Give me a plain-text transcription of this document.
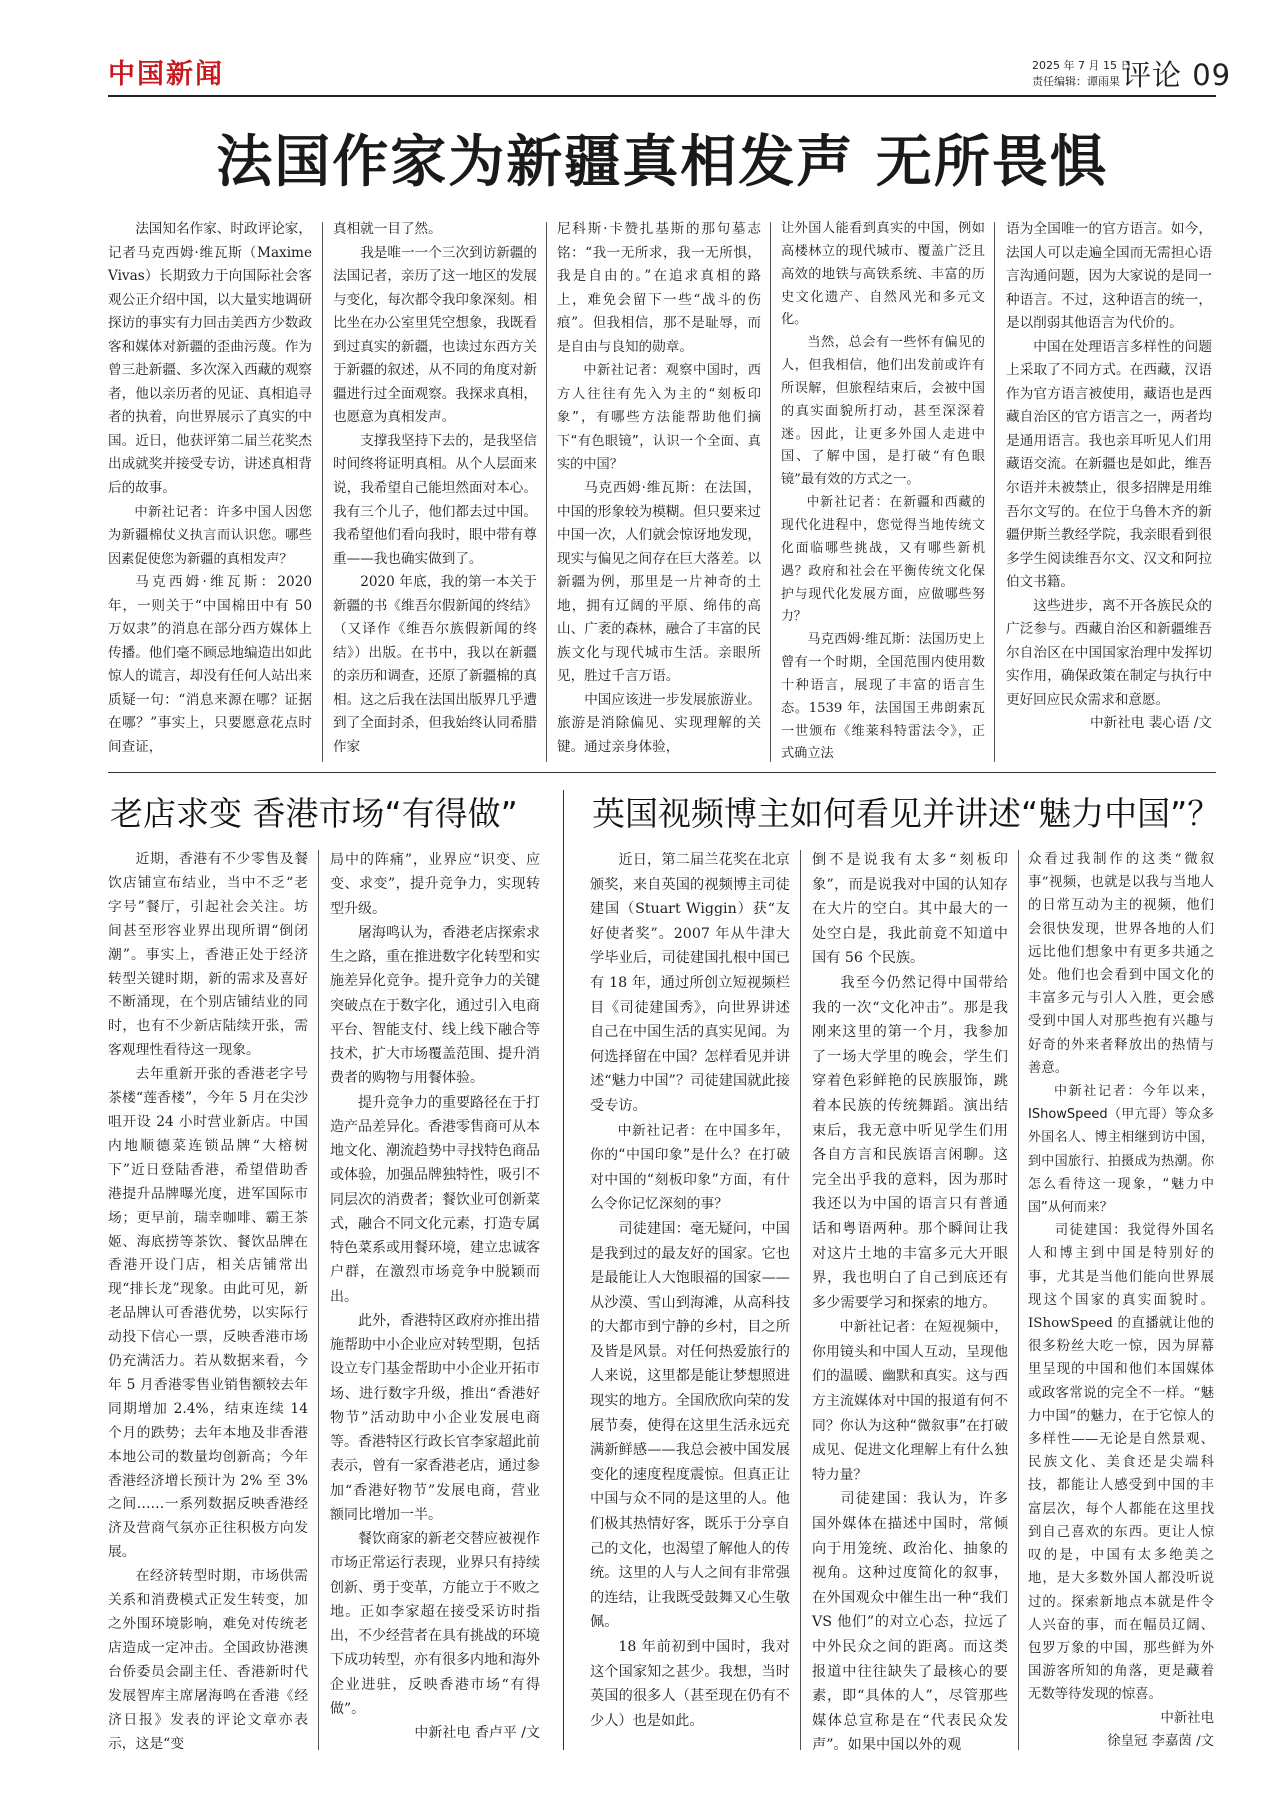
中国新闻	2025 年 7 月 15 日
责任编辑：谭雨果 评论 09
法国作家为新疆真相发声 无所畏惧

法国知名作家、时政评论家，记者马克西姆·维瓦斯（Maxime Vivas）长期致力于向国际社会客观公正介绍中国，以大量实地调研探访的事实有力回击美西方少数政客和媒体对新疆的歪曲污蔑。作为曾三赴新疆、多次深入西藏的观察者，他以亲历者的见证、真相追寻者的执着，向世界展示了真实的中国。近日，他获评第二届兰花奖杰出成就奖并接受专访，讲述真相背后的故事。

中新社记者：许多中国人因您为新疆棉仗义执言而认识您。哪些因素促使您为新疆的真相发声？

马克西姆·维瓦斯：2020 年，一则关于“中国棉田中有 50 万奴隶”的消息在部分西方媒体上传播。他们毫不顾忌地编造出如此惊人的谎言，却没有任何人站出来质疑一句：“消息来源在哪？证据在哪？”事实上，只要愿意花点时间查证，

真相就一目了然。

我是唯一一个三次到访新疆的法国记者，亲历了这一地区的发展与变化，每次都令我印象深刻。相比坐在办公室里凭空想象，我既看到过真实的新疆，也读过东西方关于新疆的叙述，从不同的角度对新疆进行过全面观察。我探求真相，也愿意为真相发声。

支撑我坚持下去的，是我坚信时间终将证明真相。从个人层面来说，我希望自己能坦然面对本心。我有三个儿子，他们都去过中国。我希望他们看向我时，眼中带有尊重——我也确实做到了。

2020 年底，我的第一本关于新疆的书《维吾尔假新闻的终结》（又译作《维吾尔族假新闻的终结》）出版。在书中，我以在新疆的亲历和调查，还原了新疆棉的真相。这之后我在法国出版界几乎遭到了全面封杀，但我始终认同希腊作家

尼科斯·卡赞扎基斯的那句墓志铭：“我一无所求，我一无所惧，我是自由的。”在追求真相的路上，难免会留下一些“战斗的伤痕”。但我相信，那不是耻辱，而是自由与良知的勋章。

中新社记者：观察中国时，西方人往往有先入为主的“刻板印象”，有哪些方法能帮助他们摘下“有色眼镜”，认识一个全面、真实的中国？

马克西姆·维瓦斯：在法国，中国的形象较为模糊。但只要来过中国一次，人们就会惊讶地发现，现实与偏见之间存在巨大落差。以新疆为例，那里是一片神奇的土地，拥有辽阔的平原、绵伟的高山、广袤的森林，融合了丰富的民族文化与现代城市生活。亲眼所见，胜过千言万语。

中国应该进一步发展旅游业。旅游是消除偏见、实现理解的关键。通过亲身体验，

让外国人能看到真实的中国，例如高楼林立的现代城市、覆盖广泛且高效的地铁与高铁系统、丰富的历史文化遗产、自然风光和多元文化。

当然，总会有一些怀有偏见的人，但我相信，他们出发前或许有所误解，但旅程结束后，会被中国的真实面貌所打动，甚至深深着迷。因此，让更多外国人走进中国、了解中国，是打破“有色眼镜”最有效的方式之一。

中新社记者：在新疆和西藏的现代化进程中，您觉得当地传统文化面临哪些挑战，又有哪些新机遇？政府和社会在平衡传统文化保护与现代化发展方面，应做哪些努力？

马克西姆·维瓦斯：法国历史上曾有一个时期，全国范围内使用数十种语言，展现了丰富的语言生态。1539 年，法国国王弗朗索瓦一世颁布《维莱科特雷法令》，正式确立法

语为全国唯一的官方语言。如今，法国人可以走遍全国而无需担心语言沟通问题，因为大家说的是同一种语言。不过，这种语言的统一，是以削弱其他语言为代价的。

中国在处理语言多样性的问题上采取了不同方式。在西藏，汉语作为官方语言被使用，藏语也是西藏自治区的官方语言之一，两者均是通用语言。我也亲耳听见人们用藏语交流。在新疆也是如此，维吾尔语并未被禁止，很多招牌是用维吾尔文写的。在位于乌鲁木齐的新疆伊斯兰教经学院，我亲眼看到很多学生阅读维吾尔文、汉文和阿拉伯文书籍。

这些进步，离不开各族民众的广泛参与。西藏自治区和新疆维吾尔自治区在中国国家治理中发挥切实作用，确保政策在制定与执行中更好回应民众需求和意愿。

中新社电 裴心语 /文

老店求变 香港市场“有得做”

近期，香港有不少零售及餐饮店铺宣布结业，当中不乏“老字号”餐厅，引起社会关注。坊间甚至形容业界出现所谓“倒闭潮”。事实上，香港正处于经济转型关键时期，新的需求及喜好不断涌现，在个别店铺结业的同时，也有不少新店陆续开张，需客观理性看待这一现象。

去年重新开张的香港老字号茶楼“莲香楼”，今年 5 月在尖沙咀开设 24 小时营业新店。中国内地顺德菜连锁品牌“大榕树下”近日登陆香港，希望借助香港提升品牌曝光度，进军国际市场；更早前，瑞幸咖啡、霸王茶姬、海底捞等茶饮、餐饮品牌在香港开设门店，相关店铺常出现“排长龙”现象。由此可见，新老品牌认可香港优势，以实际行动投下信心一票，反映香港市场仍充满活力。若从数据来看，今年 5 月香港零售业销售额较去年同期增加 2.4%，结束连续 14 个月的跌势；去年本地及非香港本地公司的数量均创新高；今年香港经济增长预计为 2% 至 3% 之间……一系列数据反映香港经济及营商气氛亦正往积极方向发展。

在经济转型时期，市场供需关系和消费模式正发生转变，加之外围环境影响，难免对传统老店造成一定冲击。全国政协港澳台侨委员会副主任、香港新时代发展智库主席屠海鸣在香港《经济日报》发表的评论文章亦表示，这是“变

局中的阵痛”，业界应“识变、应变、求变”，提升竞争力，实现转型升级。

屠海鸣认为，香港老店探索求生之路，重在推进数字化转型和实施差异化竞争。提升竞争力的关键突破点在于数字化，通过引入电商平台、智能支付、线上线下融合等技术，扩大市场覆盖范围、提升消费者的购物与用餐体验。

提升竞争力的重要路径在于打造产品差异化。香港零售商可从本地文化、潮流趋势中寻找特色商品或体验，加强品牌独特性，吸引不同层次的消费者；餐饮业可创新菜式，融合不同文化元素，打造专属特色菜系或用餐环境，建立忠诚客户群，在激烈市场竞争中脱颖而出。

此外，香港特区政府亦推出措施帮助中小企业应对转型期，包括设立专门基金帮助中小企业开拓市场、进行数字升级，推出“香港好物节”活动助中小企业发展电商等。香港特区行政长官李家超此前表示，曾有一家香港老店，通过参加“香港好物节”发展电商，营业额同比增加一半。

餐饮商家的新老交替应被视作市场正常运行表现，业界只有持续创新、勇于变革，方能立于不败之地。正如李家超在接受采访时指出，不少经营者在具有挑战的环境下成功转型，亦有很多内地和海外企业进驻，反映香港市场“有得做”。

中新社电 香卢平 /文

英国视频博主如何看见并讲述“魅力中国”？

近日，第二届兰花奖在北京颁奖，来自英国的视频博主司徒建国（Stuart Wiggin）获“友好使者奖”。2007 年从牛津大学毕业后，司徒建国扎根中国已有 18 年，通过所创立短视频栏目《司徒建国秀》，向世界讲述自己在中国生活的真实见闻。为何选择留在中国？怎样看见并讲述“魅力中国”？司徒建国就此接受专访。

中新社记者：在中国多年，你的“中国印象”是什么？在打破对中国的“刻板印象”方面，有什么令你记忆深刻的事？

司徒建国：毫无疑问，中国是我到过的最友好的国家。它也是最能让人大饱眼福的国家——从沙漠、雪山到海滩，从高科技的大都市到宁静的乡村，目之所及皆是风景。对任何热爱旅行的人来说，这里都是能让梦想照进现实的地方。全国欣欣向荣的发展节奏，使得在这里生活永远充满新鲜感——我总会被中国发展变化的速度程度震惊。但真正让中国与众不同的是这里的人。他们极其热情好客，既乐于分享自己的文化，也渴望了解他人的传统。这里的人与人之间有非常强的连结，让我既受鼓舞又心生敬佩。

18 年前初到中国时，我对这个国家知之甚少。我想，当时英国的很多人（甚至现在仍有不少人）也是如此。

倒不是说我有太多“刻板印象”，而是说我对中国的认知存在大片的空白。其中最大的一处空白是，我此前竟不知道中国有 56 个民族。

我至今仍然记得中国带给我的一次“文化冲击”。那是我刚来这里的第一个月，我参加了一场大学里的晚会，学生们穿着色彩鲜艳的民族服饰，跳着本民族的传统舞蹈。演出结束后，我无意中听见学生们用各自方言和民族语言闲聊。这完全出乎我的意料，因为那时我还以为中国的语言只有普通话和粤语两种。那个瞬间让我对这片土地的丰富多元大开眼界，我也明白了自己到底还有多少需要学习和探索的地方。

中新社记者：在短视频中，你用镜头和中国人互动，呈现他们的温暖、幽默和真实。这与西方主流媒体对中国的报道有何不同？你认为这种“微叙事”在打破成见、促进文化理解上有什么独特力量？

司徒建国：我认为，许多国外媒体在描述中国时，常倾向于用笼统、政治化、抽象的视角。这种过度简化的叙事，在外国观众中催生出一种“我们 VS 他们”的对立心态，拉远了中外民众之间的距离。而这类报道中往往缺失了最核心的要素，即“具体的人”，尽管那些媒体总宣称是在“代表民众发声”。如果中国以外的观

众看过我制作的这类“微叙事”视频，也就是以我与当地人的日常互动为主的视频，他们会很快发现，世界各地的人们远比他们想象中有更多共通之处。他们也会看到中国文化的丰富多元与引人入胜，更会感受到中国人对那些抱有兴趣与好奇的外来者释放出的热情与善意。

中新社记者：今年以来，IShowSpeed（甲亢哥）等众多外国名人、博主相继到访中国，到中国旅行、拍摄成为热潮。你怎么看待这一现象，“魅力中国”从何而来？

司徒建国：我觉得外国名人和博主到中国是特别好的事，尤其是当他们能向世界展现这个国家的真实面貌时。IShowSpeed 的直播就让他的很多粉丝大吃一惊，因为屏幕里呈现的中国和他们本国媒体或政客常说的完全不一样。“魅力中国”的魅力，在于它惊人的多样性——无论是自然景观、民族文化、美食还是尖端科技，都能让人感受到中国的丰富层次，每个人都能在这里找到自己喜欢的东西。更让人惊叹的是，中国有太多绝美之地，是大多数外国人都没听说过的。探索新地点本就是件令人兴奋的事，而在幅员辽阔、包罗万象的中国，那些鲜为外国游客所知的角落，更是藏着无数等待发现的惊喜。

中新社电

徐皇冠 李嘉茵 /文
